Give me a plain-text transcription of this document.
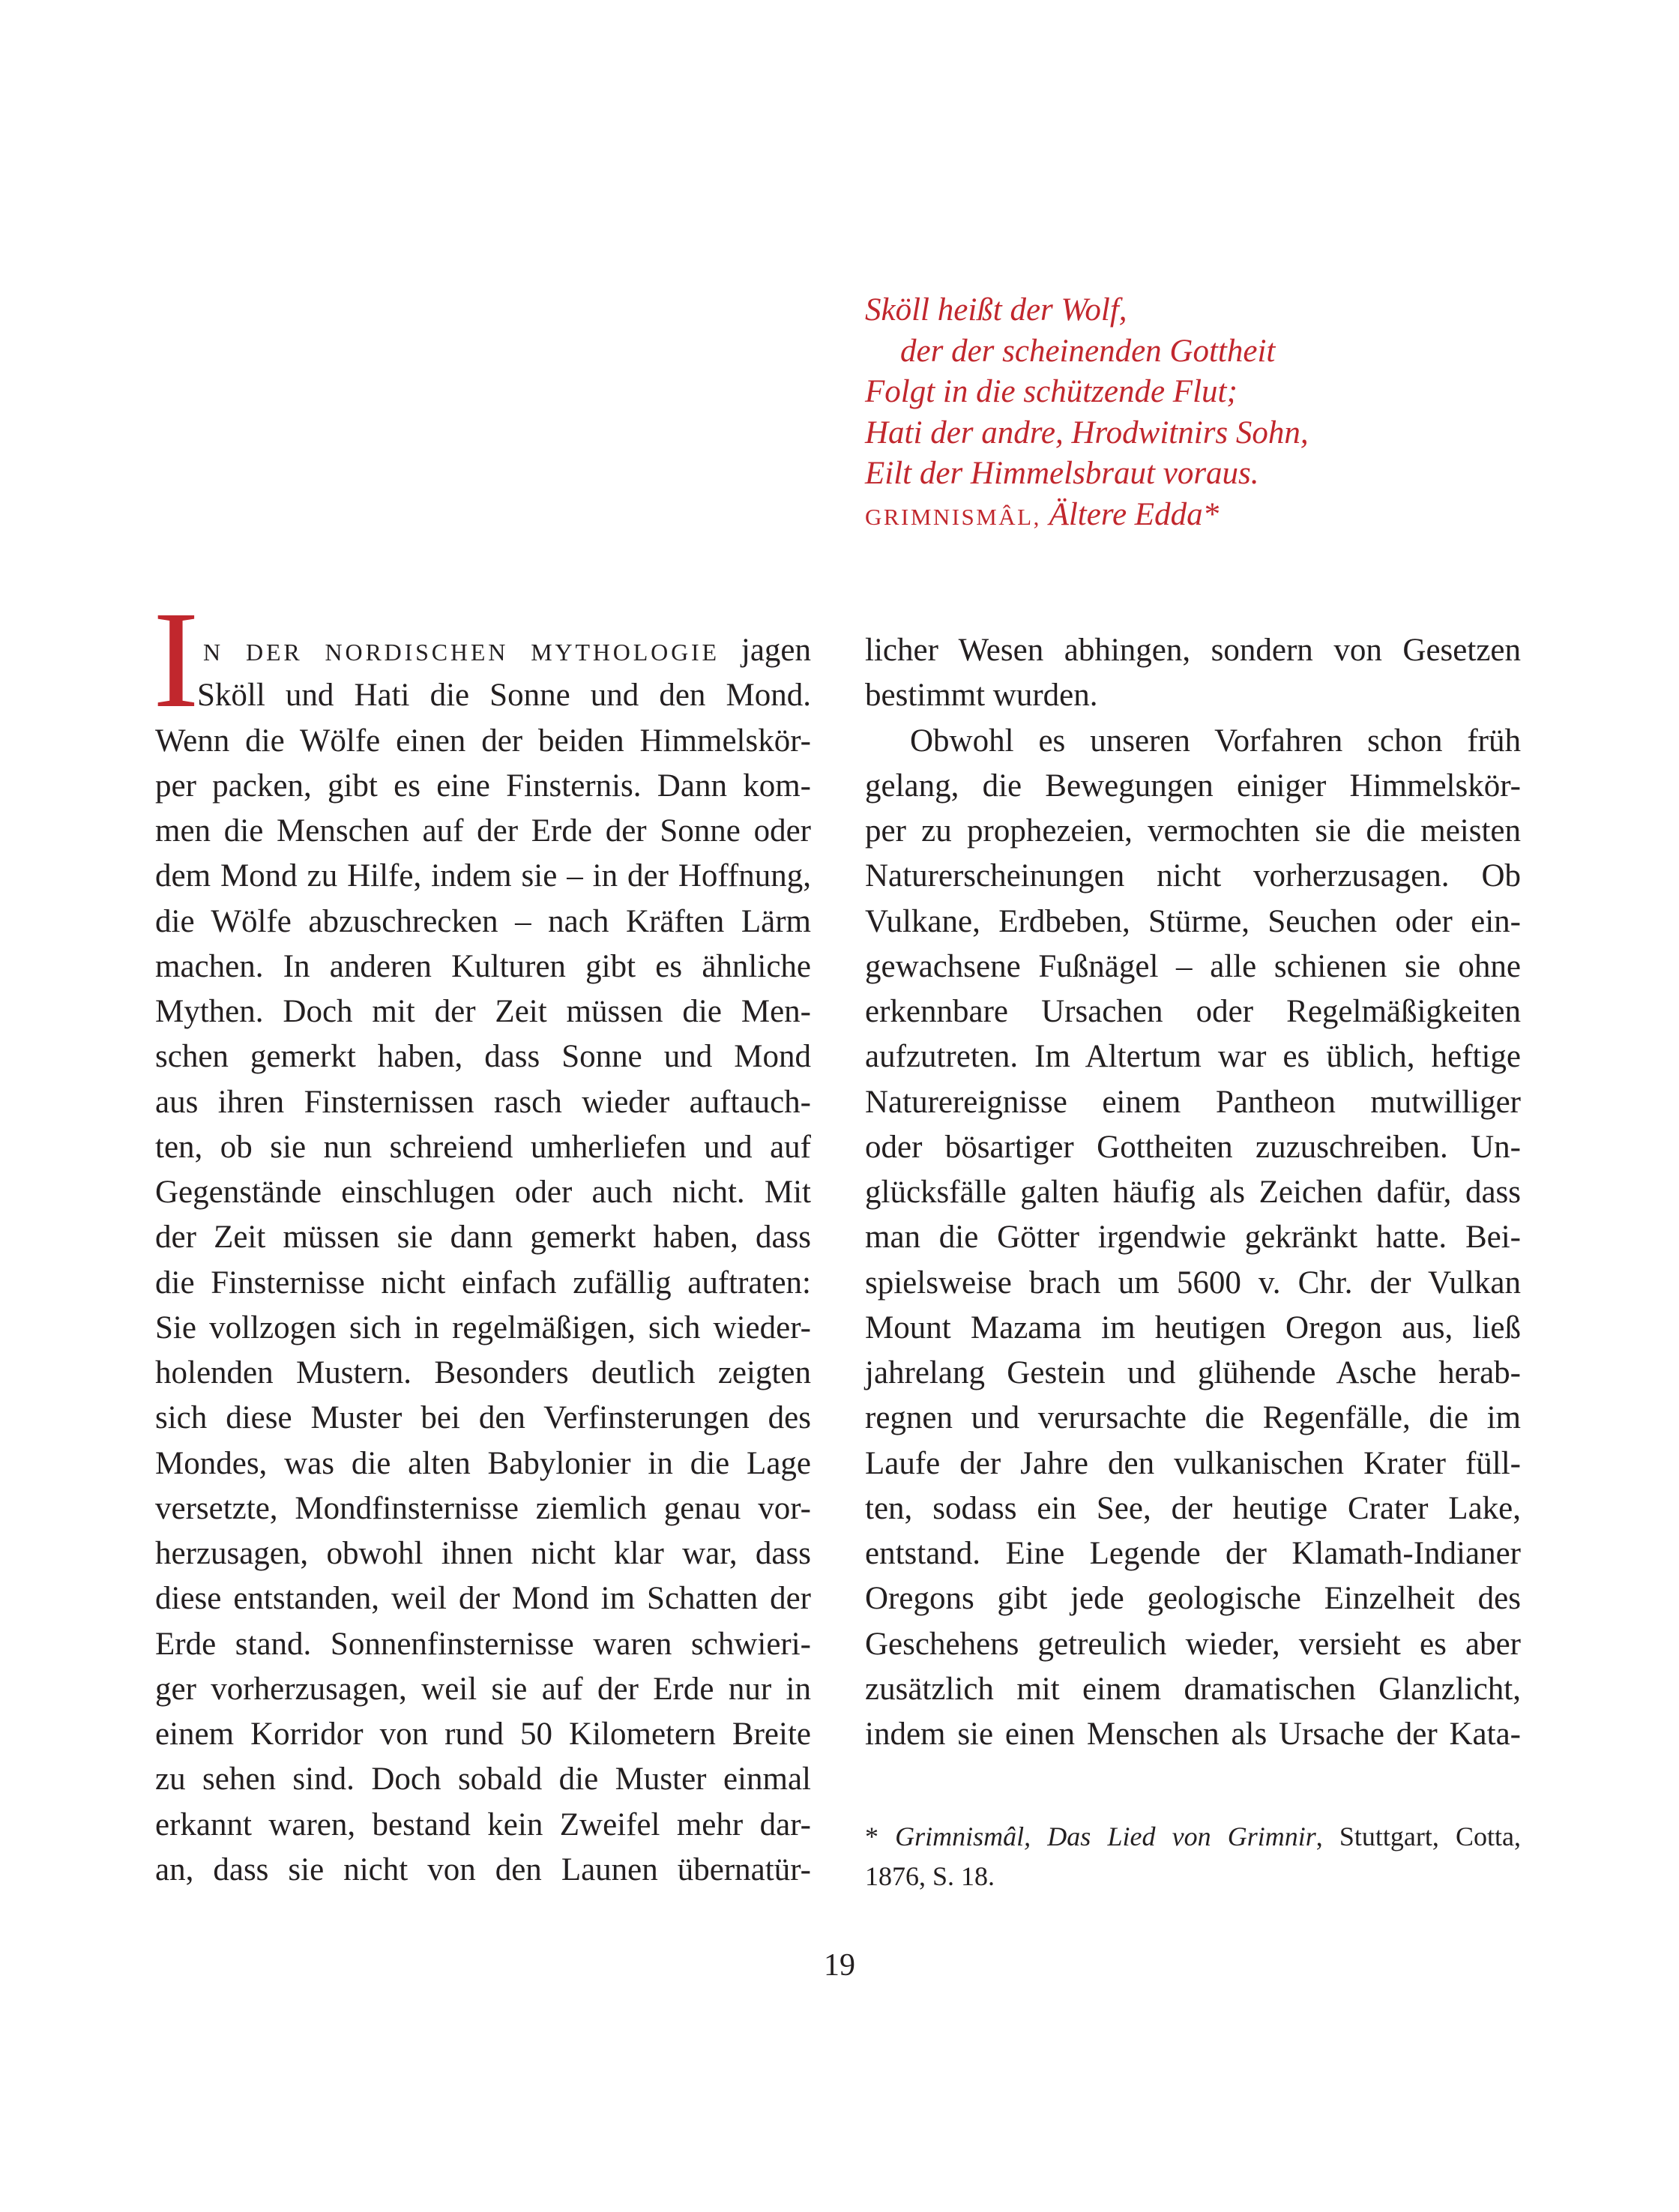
Sköll heißt der Wolf,
der der scheinenden Gottheit
Folgt in die schützende Flut;
Hati der andre, Hrodwitnirs Sohn,
Eilt der Himmelsbraut voraus.
GRIMNISMÂL, Ältere Edda*
I N DER NORDISCHEN MYTHOLOGIE jagen
Sköll und Hati die Sonne und den Mond.
Wenn die Wölfe einen der beiden Himmelskör-
per packen, gibt es eine Finsternis. Dann kom-
men die Menschen auf der Erde der Sonne oder
dem Mond zu Hilfe, indem sie – in der Hoffnung,
die Wölfe abzuschrecken – nach Kräften Lärm
machen. In anderen Kulturen gibt es ähnliche
Mythen. Doch mit der Zeit müssen die Men-
schen gemerkt haben, dass Sonne und Mond
aus ihren Finsternissen rasch wieder auftauch-
ten, ob sie nun schreiend umherliefen und auf
Gegenstände einschlugen oder auch nicht. Mit
der Zeit müssen sie dann gemerkt haben, dass
die Finsternisse nicht einfach zufällig auftraten:
Sie vollzogen sich in regelmäßigen, sich wieder-
holenden Mustern. Besonders deutlich zeigten
sich diese Muster bei den Verfinsterungen des
Mondes, was die alten Babylonier in die Lage
versetzte, Mondfinsternisse ziemlich genau vor-
herzusagen, obwohl ihnen nicht klar war, dass
diese entstanden, weil der Mond im Schatten der
Erde stand. Sonnenfinsternisse waren schwieri-
ger vorherzusagen, weil sie auf der Erde nur in
einem Korridor von rund 50 Kilometern Breite
zu sehen sind. Doch sobald die Muster einmal
erkannt waren, bestand kein Zweifel mehr dar-
an, dass sie nicht von den Launen übernatür-
licher Wesen abhingen, sondern von Gesetzen
bestimmt wurden.
Obwohl es unseren Vorfahren schon früh
gelang, die Bewegungen einiger Himmelskör-
per zu prophezeien, vermochten sie die meisten
Naturerscheinungen nicht vorherzusagen. Ob
Vulkane, Erdbeben, Stürme, Seuchen oder ein-
gewachsene Fußnägel – alle schienen sie ohne
erkennbare Ursachen oder Regelmäßigkeiten
aufzutreten. Im Altertum war es üblich, heftige
Naturereignisse einem Pantheon mutwilliger
oder bösartiger Gottheiten zuzuschreiben. Un-
glücksfälle galten häufig als Zeichen dafür, dass
man die Götter irgendwie gekränkt hatte. Bei-
spielsweise brach um 5600 v. Chr. der Vulkan
Mount Mazama im heutigen Oregon aus, ließ
jahrelang Gestein und glühende Asche herab-
regnen und verursachte die Regenfälle, die im
Laufe der Jahre den vulkanischen Krater füll-
ten, sodass ein See, der heutige Crater Lake,
entstand. Eine Legende der Klamath-Indianer
Oregons gibt jede geologische Einzelheit des
Geschehens getreulich wieder, versieht es aber
zusätzlich mit einem dramatischen Glanzlicht,
indem sie einen Menschen als Ursache der Kata-
* Grimnismâl, Das Lied von Grimnir, Stuttgart, Cotta,
1876, S. 18.
19
